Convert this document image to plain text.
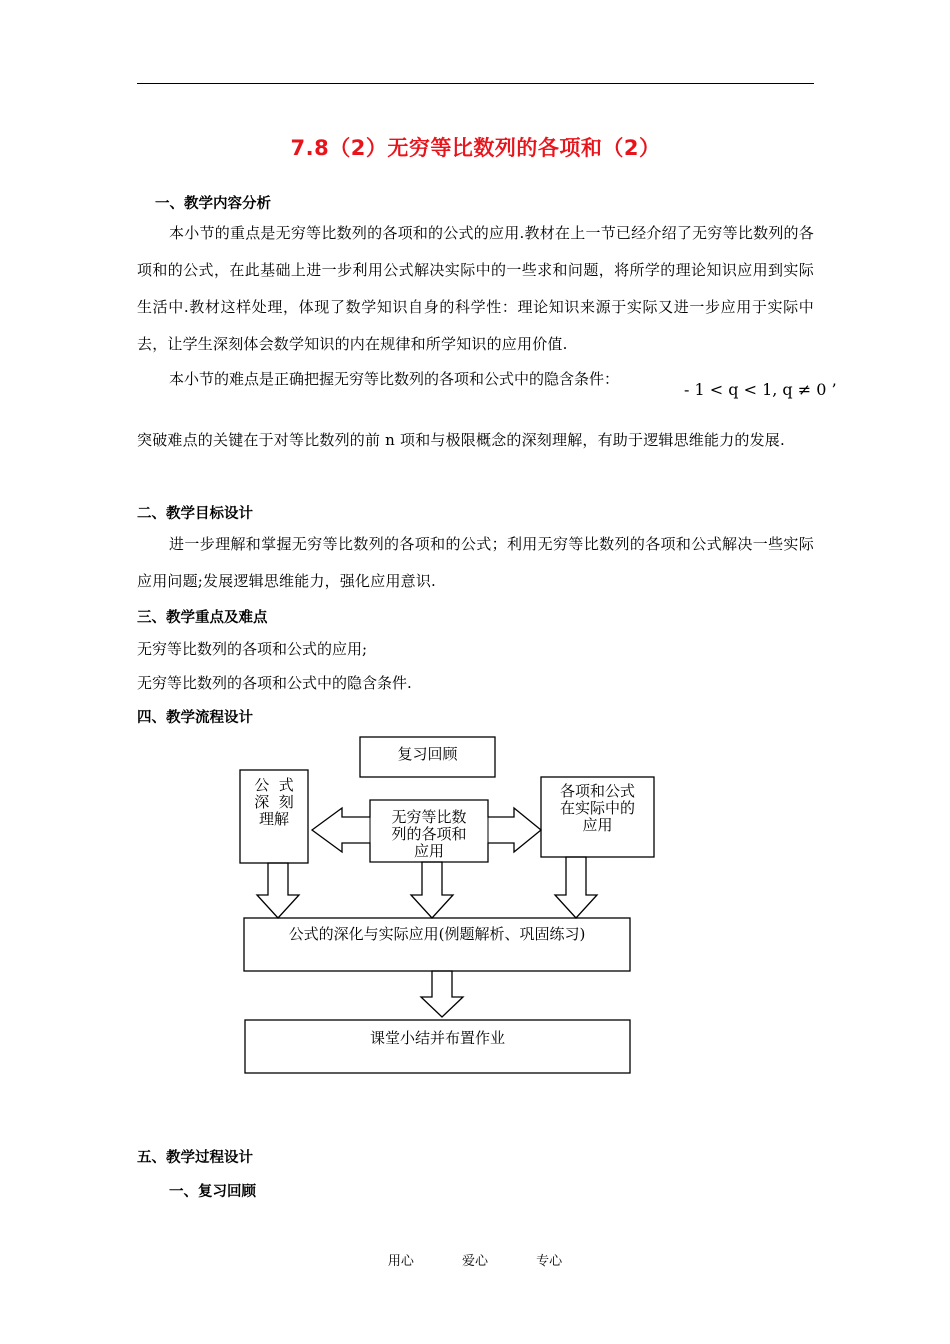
7.8（2）无穷等比数列的各项和（2）
一、教学内容分析
本小节的重点是无穷等比数列的各项和的公式的应用.教材在上一节已经介绍了无穷等比数列的各项和的公式，在此基础上进一步利用公式解决实际中的一些求和问题，将所学的理论知识应用到实际生活中.教材这样处理，体现了数学知识自身的科学性：理论知识来源于实际又进一步应用于实际中去，让学生深刻体会数学知识的内在规律和所学知识的应用价值.
本小节的难点是正确把握无穷等比数列的各项和公式中的隐含条件：
- 1 < q < 1, q ≠ 0 ’
突破难点的关键在于对等比数列的前 n 项和与极限概念的深刻理解，有助于逻辑思维能力的发展.
二、教学目标设计
进一步理解和掌握无穷等比数列的各项和的公式；利用无穷等比数列的各项和公式解决一些实际应用问题;发展逻辑思维能力，强化应用意识.
三、教学重点及难点
无穷等比数列的各项和公式的应用;
无穷等比数列的各项和公式中的隐含条件.
四、教学流程设计
复习回顾
公  式
深  刻
理解	无穷等比数
列的各项和
应用
各项和公式
在实际中的
应用
公式的深化与实际应用(例题解析、巩固练习)
课堂小结并布置作业
五、教学过程设计
一、复习回顾
用心	爱心	专心
